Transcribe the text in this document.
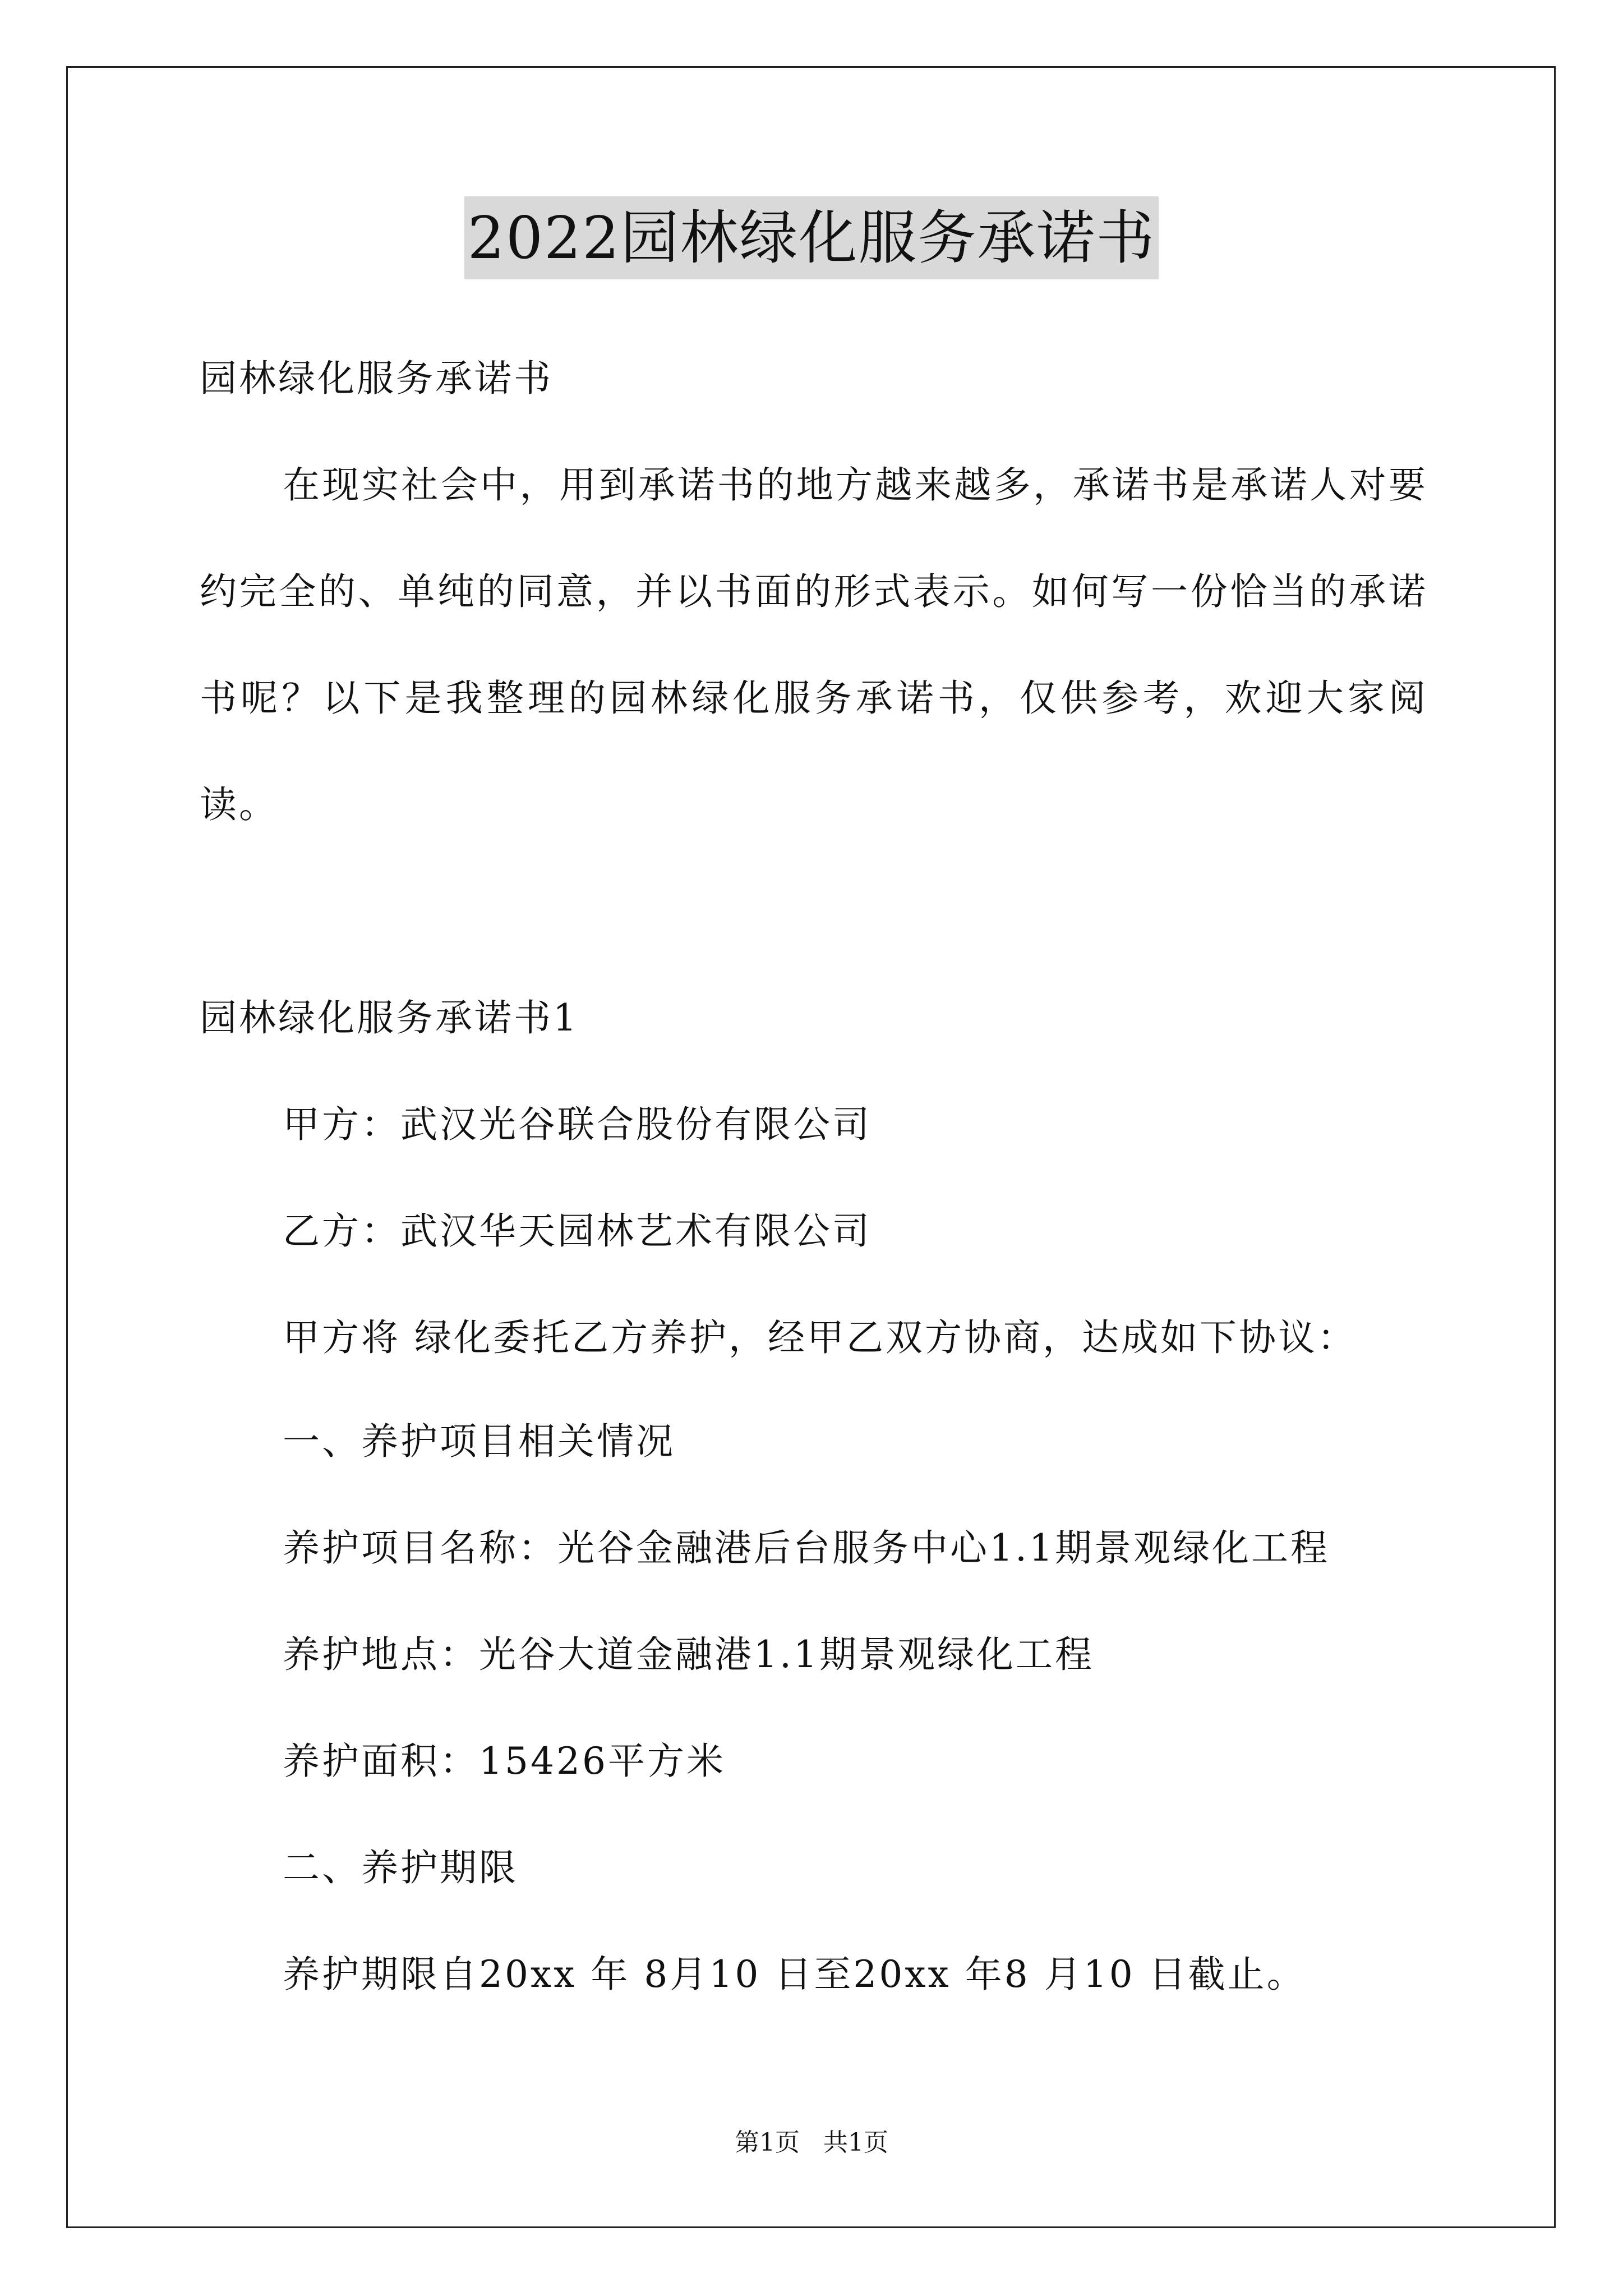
2022园林绿化服务承诺书
园林绿化服务承诺书
在现实社会中，用到承诺书的地方越来越多，承诺书是承诺人对要约完全的、单纯的同意，并以书面的形式表示。如何写一份恰当的承诺书呢？以下是我整理的园林绿化服务承诺书，仅供参考，欢迎大家阅读。
园林绿化服务承诺书1
甲方：武汉光谷联合股份有限公司
乙方：武汉华天园林艺术有限公司
甲方将 绿化委托乙方养护，经甲乙双方协商，达成如下协议：
一、养护项目相关情况
养护项目名称：光谷金融港后台服务中心1.1期景观绿化工程
养护地点：光谷大道金融港1.1期景观绿化工程
养护面积：15426平方米
二、养护期限
养护期限自20xx 年 8月10 日至20xx 年8 月10 日截止。
第1页   共1页
